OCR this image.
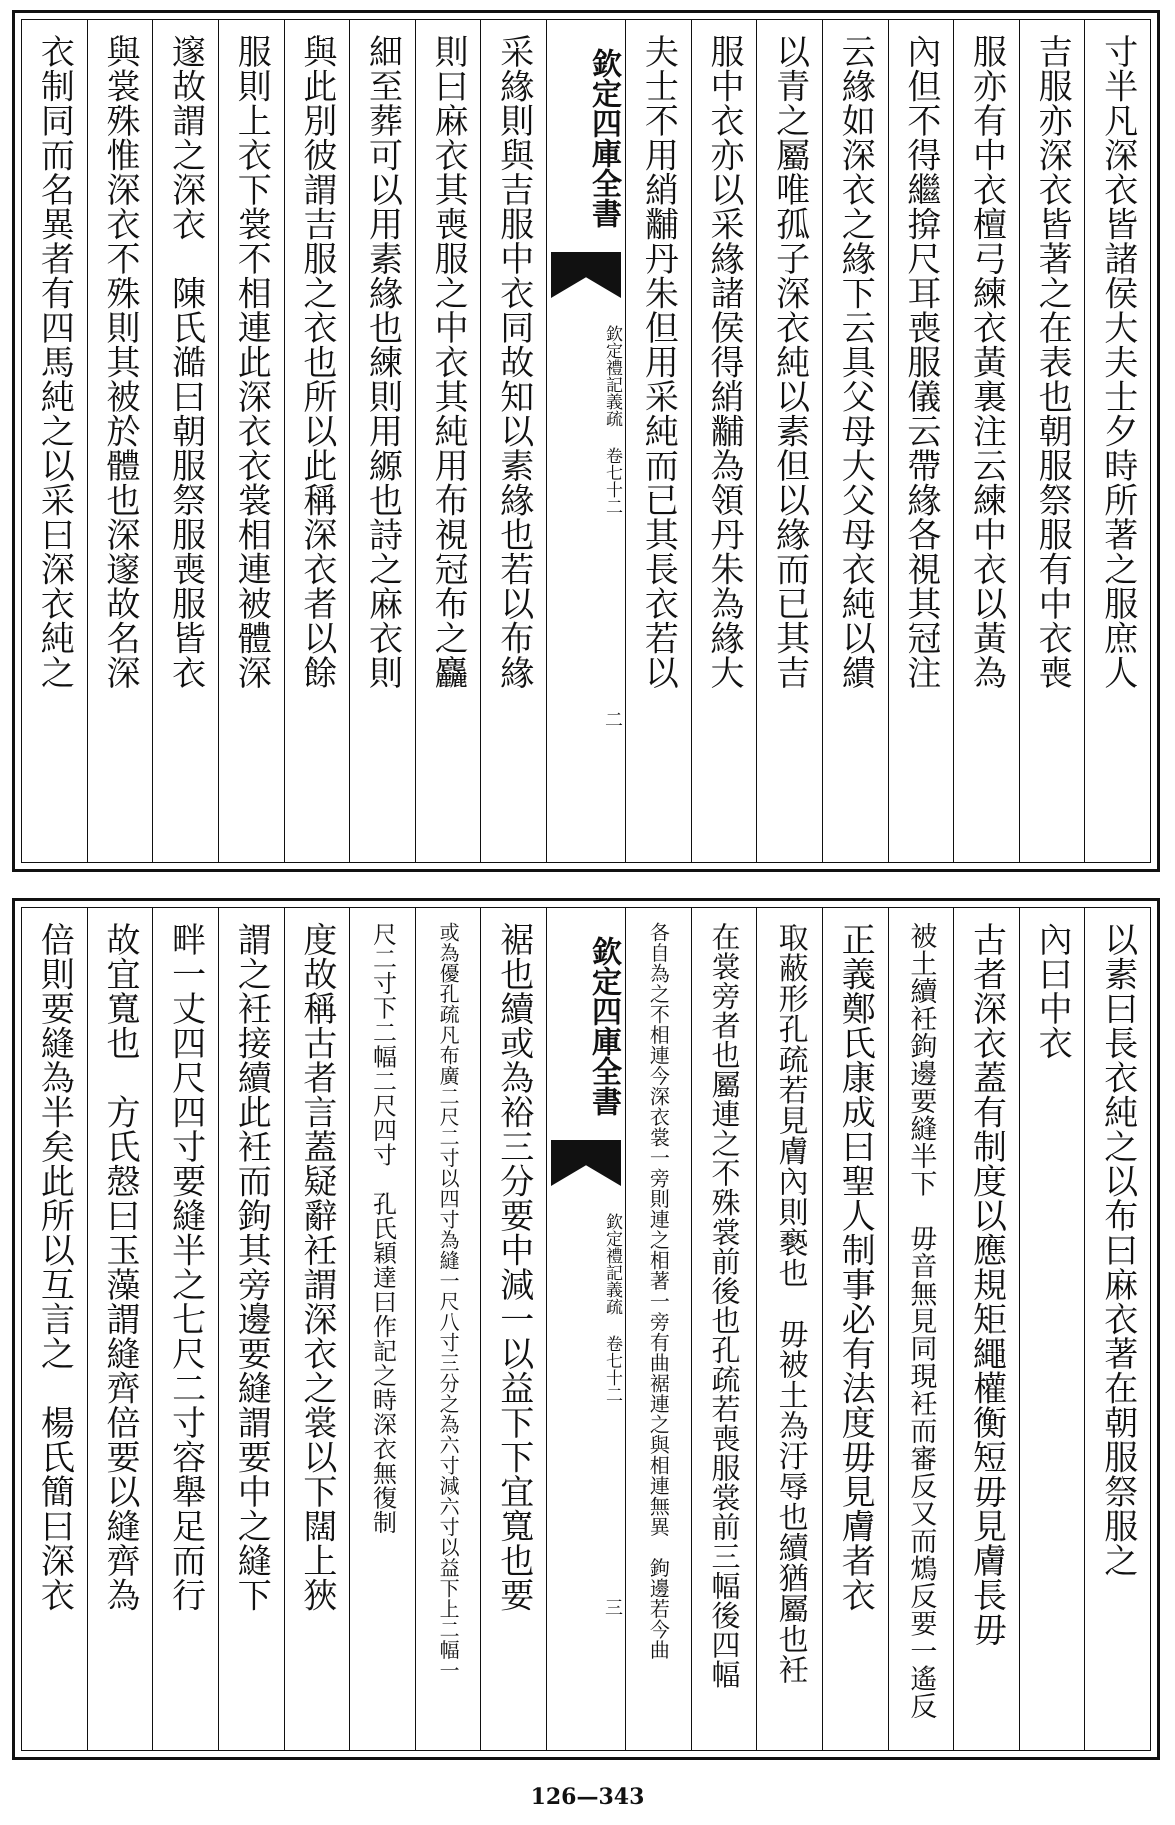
寸半凡深衣皆諸侯大夫士夕時所著之服庶人
吉服亦深衣皆著之在表也朝服祭服有中衣喪
服亦有中衣檀弓練衣黃裏注云練中衣以黃為
內但不得繼揜尺耳喪服儀云帶緣各視其冠注
云緣如深衣之緣下云具父母大父母衣純以繢
以青之屬唯孤子深衣純以素但以緣而已其吉
服中衣亦以采緣諸侯得綃黼為領丹朱為緣大
夫士不用綃黼丹朱但用采純而已其長衣若以
欽定四庫全書
欽定禮記義疏 卷七十二
二
采緣則與吉服中衣同故知以素緣也若以布緣
則曰麻衣其喪服之中衣其純用布視冠布之麤
細至葬可以用素緣也練則用縓也詩之麻衣則
與此別彼謂吉服之衣也所以此稱深衣者以餘
服則上衣下裳不相連此深衣衣裳相連被體深
邃故謂之深衣　陳氏澔曰朝服祭服喪服皆衣
與裳殊惟深衣不殊則其被於體也深邃故名深
衣制同而名異者有四馬純之以采曰深衣純之
以素曰長衣純之以布曰麻衣著在朝服祭服之
內曰中衣
古者深衣蓋有制度以應規矩繩權衡短毋見膚長毋
被土續衽鉤邊要縫半下　毋音無見同現衽而審反又而鴆反要一遙反
正義鄭氏康成曰聖人制事必有法度毋見膚者衣
取蔽形孔疏若見膚內則褻也　毋被土為汙辱也續猶屬也衽
在裳旁者也屬連之不殊裳前後也孔疏若喪服裳前三幅後四幅
各自為之不相連今深衣裳一旁則連之相著一旁有曲裾連之與相連無異　鉤邊若今曲
欽定四庫全書
欽定禮記義疏 卷七十二
三
裾也續或為裕三分要中減一以益下下宜寬也要
或為優孔疏凡布廣二尺二寸以四寸為縫一尺八寸三分之為六寸減六寸以益下上二幅一
尺二寸下二幅二尺四寸　孔氏穎達曰作記之時深衣無復制
度故稱古者言蓋疑辭衽謂深衣之裳以下闊上狹
謂之衽接續此衽而鉤其旁邊要縫謂要中之縫下
畔一丈四尺四寸要縫半之七尺二寸容舉足而行
故宜寬也　方氏慤曰玉藻謂縫齊倍要以縫齊為
倍則要縫為半矣此所以互言之　楊氏簡曰深衣
126—343
